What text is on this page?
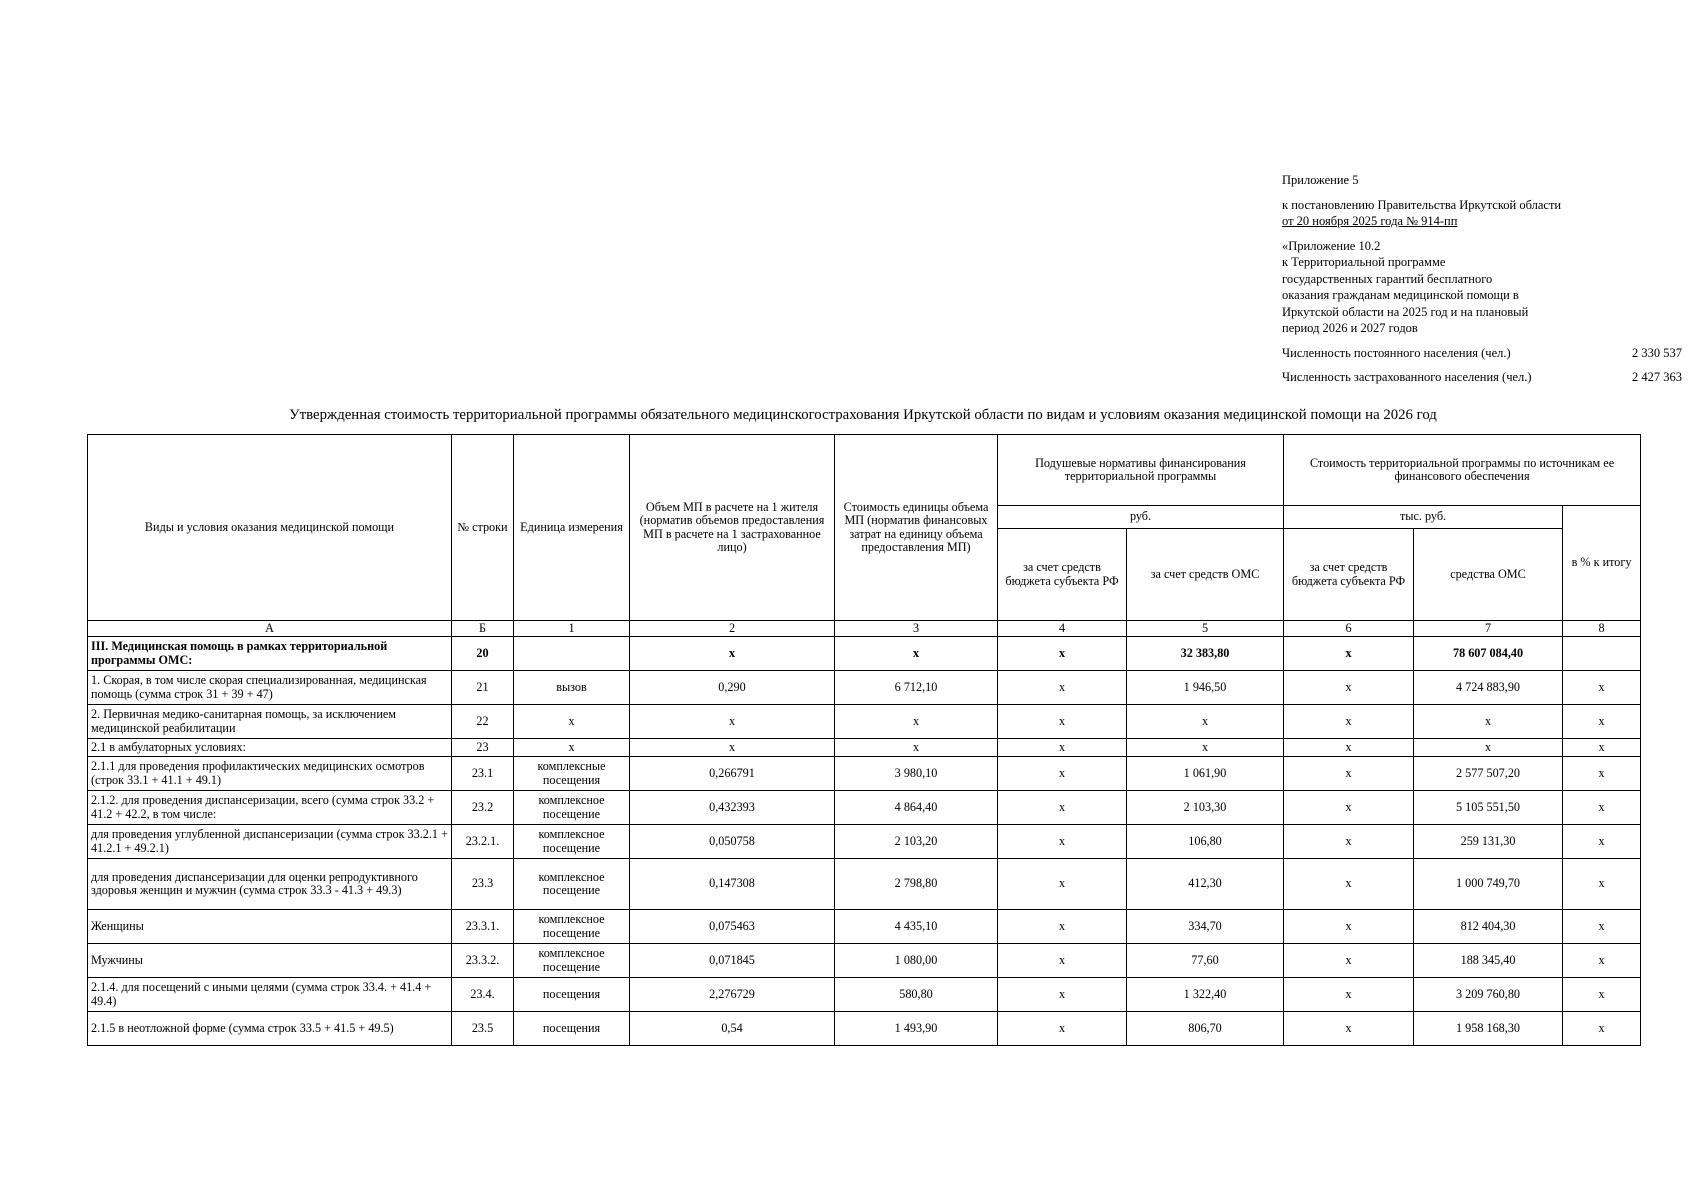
Приложение 5
к постановлению Правительства Иркутской области
от 20 ноября 2025 года № 914-пп
«Приложение 10.2
к Территориальной программе
государственных гарантий бесплатного
оказания гражданам медицинской помощи в
Иркутской области на 2025 год и на плановый
период 2026 и 2027 годов
Численность постоянного населения (чел.)	2 330 537
Численность застрахованного населения (чел.)	2 427 363
Утвержденная стоимость территориальной программы обязательного медицинскогострахования Иркутской области по видам и условиям оказания медицинской помощи на 2026 год
Виды и условия оказания медицинской помощи	№ строки	Единица измерения	Объем МП в расчете на 1 жителя (норматив объемов предоставления МП в расчете на 1 застрахованное лицо)	Стоимость единицы объема МП (норматив финансовых затрат на единицу объема предоставления МП)	Подушевые нормативы финансирования территориальной программы		Стоимость территориальной программы по источникам ее финансового обеспечения		
					руб.		тыс. руб.		в % к итогу
					за счет средств бюджета субъекта РФ	за счет средств ОМС	за счет средств бюджета субъекта РФ	средства ОМС	
А	Б	1	2	3	4	5	6	7	8
III. Медицинская помощь в рамках территориальной программы ОМС:	20		x	x	x	32 383,80	x	78 607 084,40	
1. Скорая, в том числе скорая специализированная, медицинская помощь (сумма строк 31 + 39 + 47)	21	вызов	0,290	6 712,10	x	1 946,50	x	4 724 883,90	x
2. Первичная медико-санитарная помощь, за исключением медицинской реабилитации	22	x	x	x	x	x	x	x	x
2.1 в амбулаторных условиях:	23	x	x	x	x	x	x	x	x
2.1.1 для проведения профилактических медицинских осмотров (строк 33.1 + 41.1 + 49.1)	23.1	комплексные посещения	0,266791	3 980,10	x	1 061,90	x	2 577 507,20	x
2.1.2. для проведения диспансеризации, всего (сумма строк 33.2 + 41.2 + 42.2, в том числе:	23.2	комплексное посещение	0,432393	4 864,40	x	2 103,30	x	5 105 551,50	x
для проведения углубленной диспансеризации (сумма строк 33.2.1 + 41.2.1 + 49.2.1)	23.2.1.	комплексное посещение	0,050758	2 103,20	x	106,80	x	259 131,30	x
для проведения диспансеризации для оценки репродуктивного здоровья женщин и мужчин (сумма строк 33.3 - 41.3 + 49.3)	23.3	комплексное посещение	0,147308	2 798,80	x	412,30	x	1 000 749,70	x
Женщины	23.3.1.	комплексное посещение	0,075463	4 435,10	x	334,70	x	812 404,30	x
Мужчины	23.3.2.	комплексное посещение	0,071845	1 080,00	x	77,60	x	188 345,40	x
2.1.4. для посещений с иными целями (сумма строк 33.4. + 41.4 + 49.4)	23.4.	посещения	2,276729	580,80	x	1 322,40	x	3 209 760,80	x
2.1.5 в неотложной форме (сумма строк 33.5 + 41.5 + 49.5)	23.5	посещения	0,54	1 493,90	x	806,70	x	1 958 168,30	x
